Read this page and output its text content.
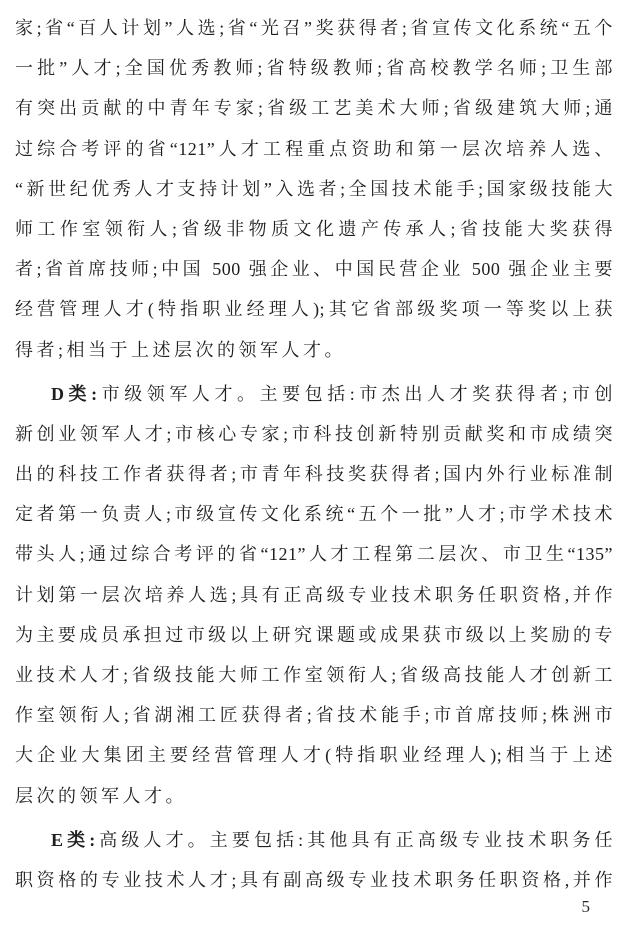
家;省“百人计划”人选;省“光召”奖获得者;省宣传文化系统“五个
一批”人才;全国优秀教师;省特级教师;省高校教学名师;卫生部
有突出贡献的中青年专家;省级工艺美术大师;省级建筑大师;通
过综合考评的省“121”人才工程重点资助和第一层次培养人选、
“新世纪优秀人才支持计划”入选者;全国技术能手;国家级技能大
师工作室领衔人;省级非物质文化遗产传承人;省技能大奖获得
者;省首席技师;中国 500 强企业、中国民营企业 500 强企业主要
经营管理人才(特指职业经理人);其它省部级奖项一等奖以上获
得者;相当于上述层次的领军人才。
D类:市级领军人才。主要包括:市杰出人才奖获得者;市创
新创业领军人才;市核心专家;市科技创新特别贡献奖和市成绩突
出的科技工作者获得者;市青年科技奖获得者;国内外行业标准制
定者第一负责人;市级宣传文化系统“五个一批”人才;市学术技术
带头人;通过综合考评的省“121”人才工程第二层次、市卫生“135”
计划第一层次培养人选;具有正高级专业技术职务任职资格,并作
为主要成员承担过市级以上研究课题或成果获市级以上奖励的专
业技术人才;省级技能大师工作室领衔人;省级高技能人才创新工
作室领衔人;省湖湘工匠获得者;省技术能手;市首席技师;株洲市
大企业大集团主要经营管理人才(特指职业经理人);相当于上述
层次的领军人才。
E类:高级人才。主要包括:其他具有正高级专业技术职务任
职资格的专业技术人才;具有副高级专业技术职务任职资格,并作
5
